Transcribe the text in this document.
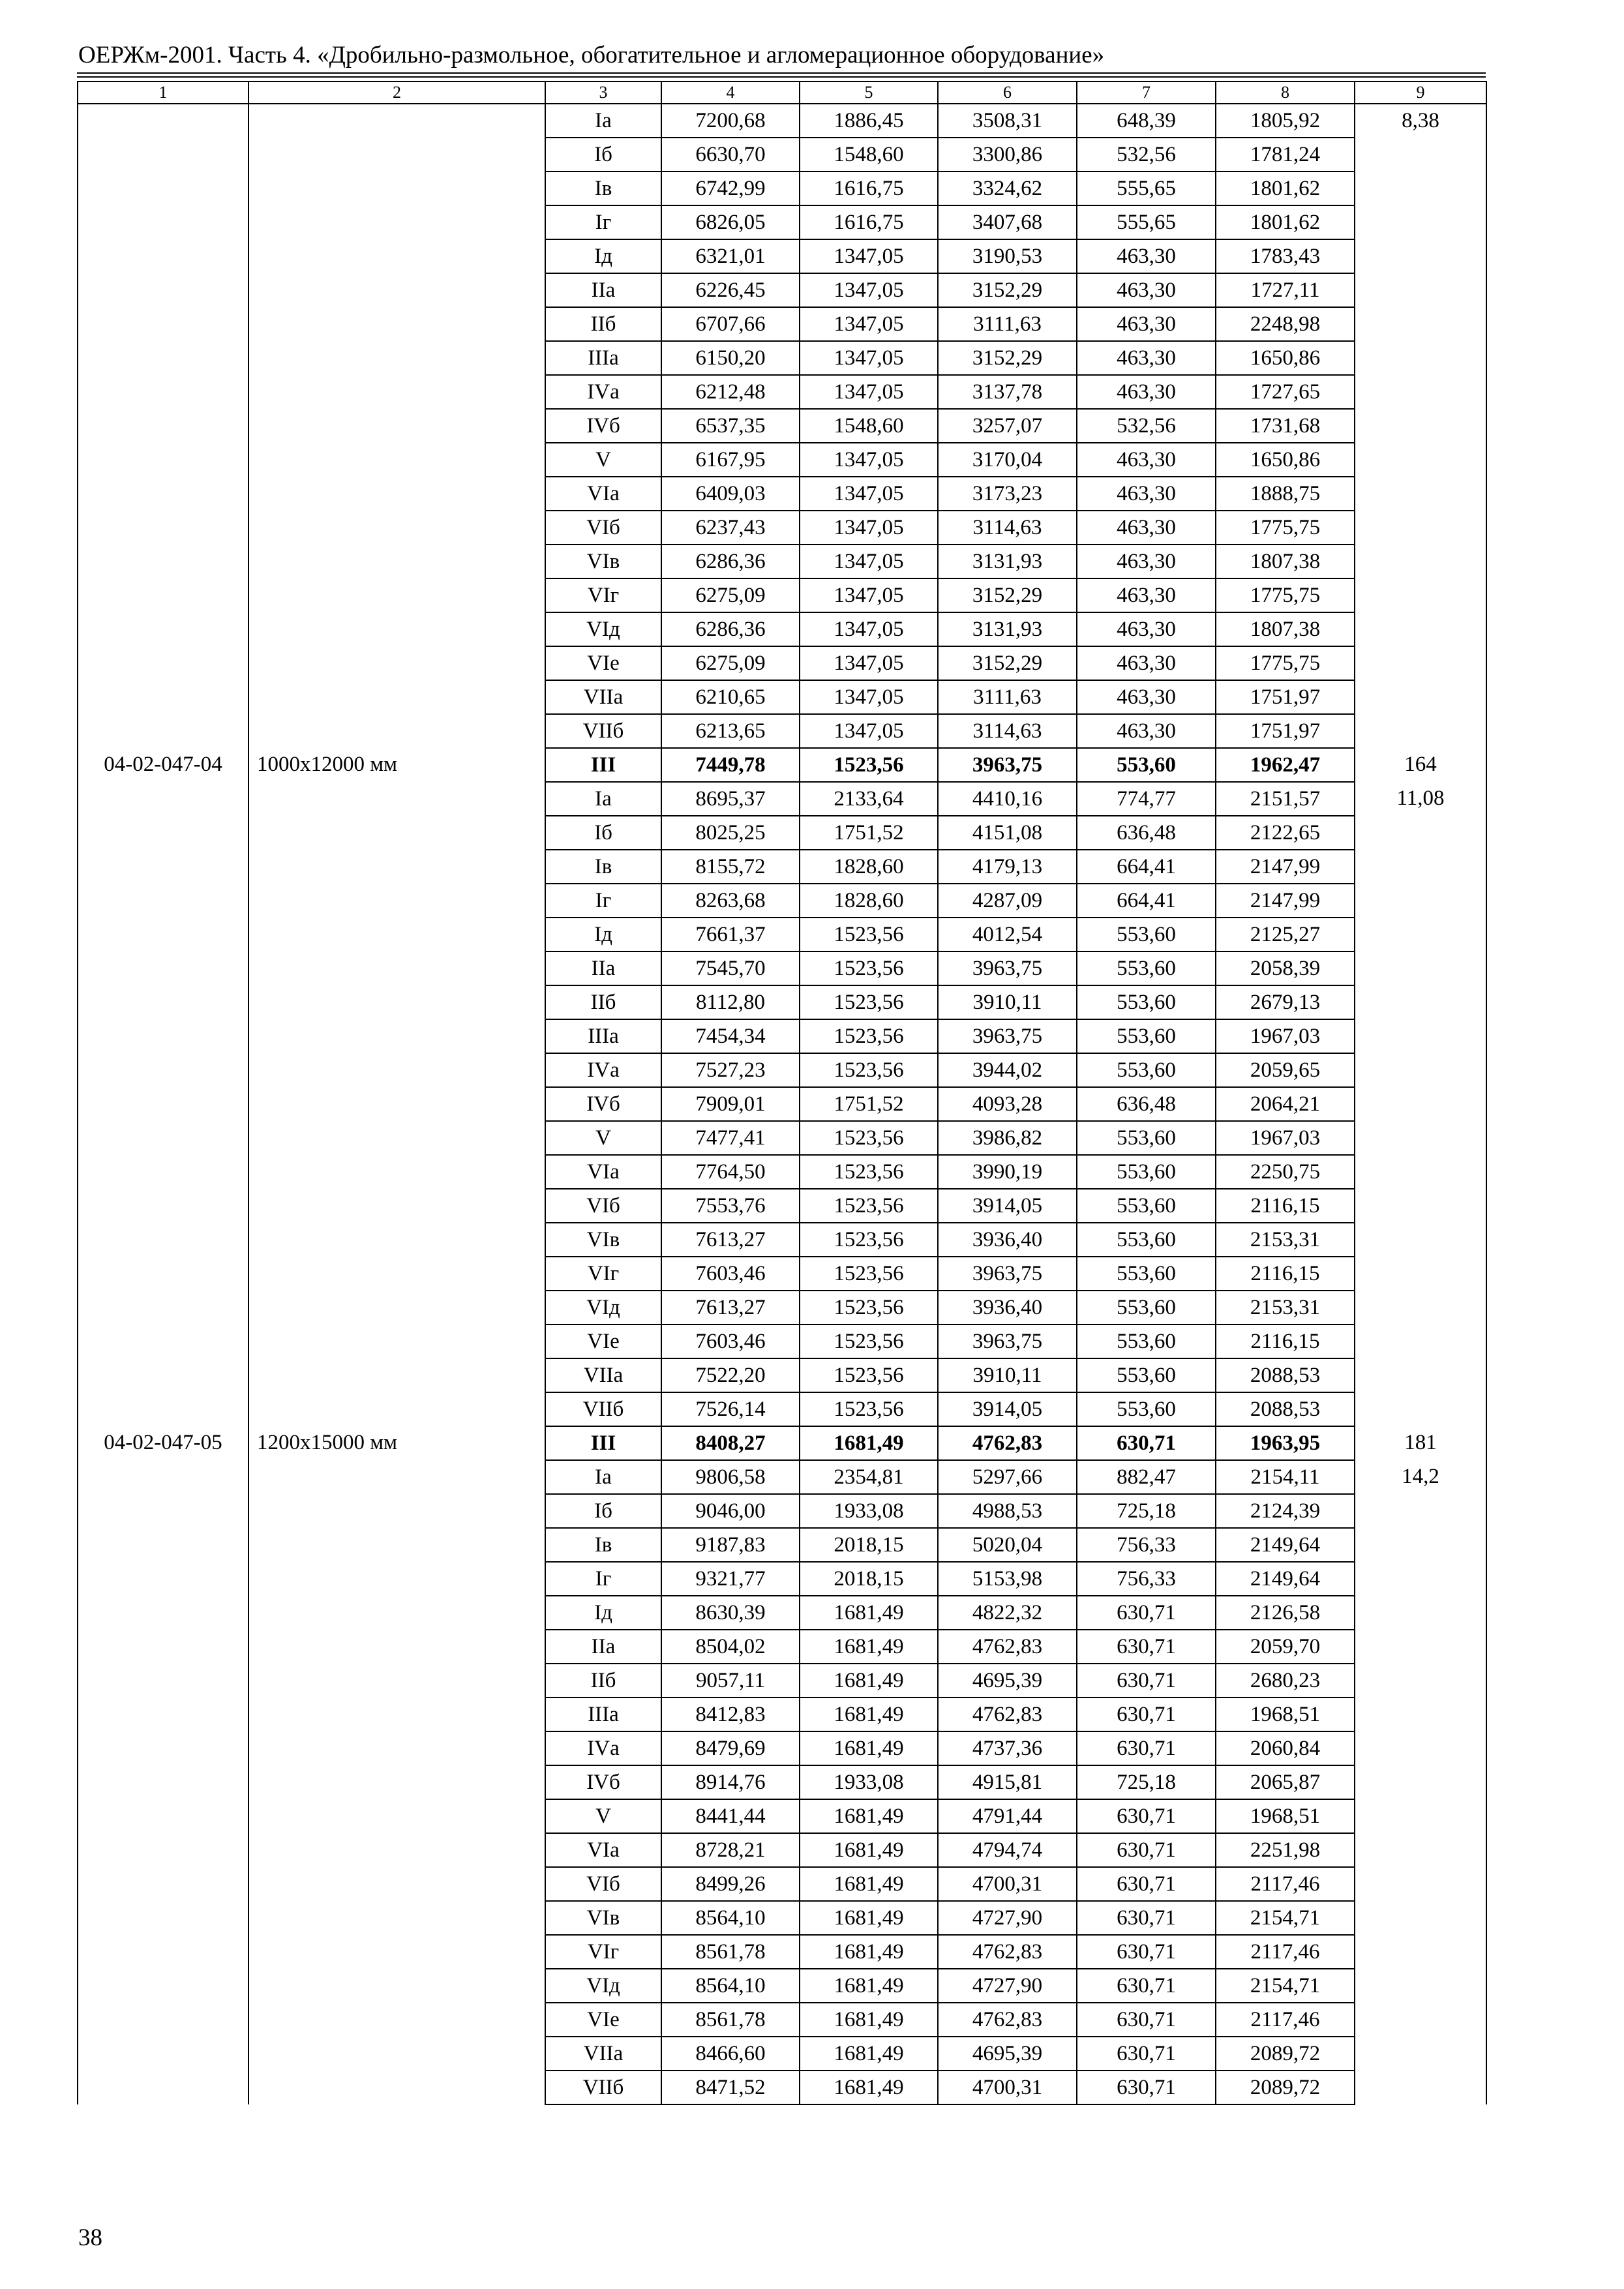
ОЕРЖм-2001. Часть 4. «Дробильно-размольное, обогатительное и агломерационное оборудование»
1	2	3	4	5	6	7	8	9
		Ia	7200,68	1886,45	3508,31	648,39	1805,92	8,38
		Iб	6630,70	1548,60	3300,86	532,56	1781,24	
		Iв	6742,99	1616,75	3324,62	555,65	1801,62	
		Iг	6826,05	1616,75	3407,68	555,65	1801,62	
		Iд	6321,01	1347,05	3190,53	463,30	1783,43	
		IIа	6226,45	1347,05	3152,29	463,30	1727,11	
		IIб	6707,66	1347,05	3111,63	463,30	2248,98	
		IIIа	6150,20	1347,05	3152,29	463,30	1650,86	
		IVа	6212,48	1347,05	3137,78	463,30	1727,65	
		IVб	6537,35	1548,60	3257,07	532,56	1731,68	
		V	6167,95	1347,05	3170,04	463,30	1650,86	
		VIа	6409,03	1347,05	3173,23	463,30	1888,75	
		VIб	6237,43	1347,05	3114,63	463,30	1775,75	
		VIв	6286,36	1347,05	3131,93	463,30	1807,38	
		VIг	6275,09	1347,05	3152,29	463,30	1775,75	
		VIд	6286,36	1347,05	3131,93	463,30	1807,38	
		VIе	6275,09	1347,05	3152,29	463,30	1775,75	
		VIIа	6210,65	1347,05	3111,63	463,30	1751,97	
		VIIб	6213,65	1347,05	3114,63	463,30	1751,97	
04-02-047-04	1000х12000 мм	III	7449,78	1523,56	3963,75	553,60	1962,47	164
		Iа	8695,37	2133,64	4410,16	774,77	2151,57	11,08
		Iб	8025,25	1751,52	4151,08	636,48	2122,65	
		Iв	8155,72	1828,60	4179,13	664,41	2147,99	
		Iг	8263,68	1828,60	4287,09	664,41	2147,99	
		Iд	7661,37	1523,56	4012,54	553,60	2125,27	
		IIа	7545,70	1523,56	3963,75	553,60	2058,39	
		IIб	8112,80	1523,56	3910,11	553,60	2679,13	
		IIIа	7454,34	1523,56	3963,75	553,60	1967,03	
		IVа	7527,23	1523,56	3944,02	553,60	2059,65	
		IVб	7909,01	1751,52	4093,28	636,48	2064,21	
		V	7477,41	1523,56	3986,82	553,60	1967,03	
		VIа	7764,50	1523,56	3990,19	553,60	2250,75	
		VIб	7553,76	1523,56	3914,05	553,60	2116,15	
		VIв	7613,27	1523,56	3936,40	553,60	2153,31	
		VIг	7603,46	1523,56	3963,75	553,60	2116,15	
		VIд	7613,27	1523,56	3936,40	553,60	2153,31	
		VIе	7603,46	1523,56	3963,75	553,60	2116,15	
		VIIа	7522,20	1523,56	3910,11	553,60	2088,53	
		VIIб	7526,14	1523,56	3914,05	553,60	2088,53	
04-02-047-05	1200х15000 мм	III	8408,27	1681,49	4762,83	630,71	1963,95	181
		Iа	9806,58	2354,81	5297,66	882,47	2154,11	14,2
		Iб	9046,00	1933,08	4988,53	725,18	2124,39	
		Iв	9187,83	2018,15	5020,04	756,33	2149,64	
		Iг	9321,77	2018,15	5153,98	756,33	2149,64	
		Iд	8630,39	1681,49	4822,32	630,71	2126,58	
		IIа	8504,02	1681,49	4762,83	630,71	2059,70	
		IIб	9057,11	1681,49	4695,39	630,71	2680,23	
		IIIа	8412,83	1681,49	4762,83	630,71	1968,51	
		IVа	8479,69	1681,49	4737,36	630,71	2060,84	
		IVб	8914,76	1933,08	4915,81	725,18	2065,87	
		V	8441,44	1681,49	4791,44	630,71	1968,51	
		VIа	8728,21	1681,49	4794,74	630,71	2251,98	
		VIб	8499,26	1681,49	4700,31	630,71	2117,46	
		VIв	8564,10	1681,49	4727,90	630,71	2154,71	
		VIг	8561,78	1681,49	4762,83	630,71	2117,46	
		VIд	8564,10	1681,49	4727,90	630,71	2154,71	
		VIе	8561,78	1681,49	4762,83	630,71	2117,46	
		VIIа	8466,60	1681,49	4695,39	630,71	2089,72	
		VIIб	8471,52	1681,49	4700,31	630,71	2089,72	
38
